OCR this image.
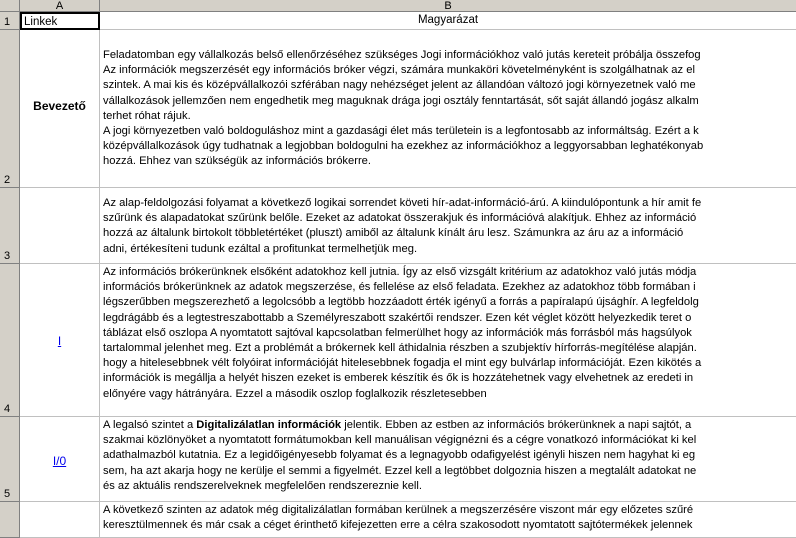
A	B
1
2
3
4
5
Linkek	Magyarázat
Bevezető
Feladatomban egy vállalkozás belső ellenőrzéséhez szükséges Jogi információkhoz való jutás kereteit próbálja összefog
Az információk megszerzését egy információs bróker végzi, számára munkaköri követelményként is szolgálhatnak az el
szintek. A mai kis és középvállalkozói szférában nagy nehézséget jelent az állandóan változó jogi környezetnek való me
vállalkozások jellemzően nem engedhetik meg maguknak drága jogi osztály fenntartását, sőt saját állandó jogász alkalm
terhet róhat rájuk.
A jogi környezetben való boldoguláshoz mint a gazdasági élet más területein is a legfontosabb az informáltság. Ezért a k
középvállalkozások úgy tudhatnak a legjobban boldogulni ha ezekhez az információkhoz a leggyorsabban leghatékonyab
hozzá. Ehhez van szükségük az információs brókerre.
Az alap-feldolgozási folyamat a következő logikai sorrendet követi hír-adat-információ-árú. A kiindulópontunk a hír amit fe
szűrünk és alapadatokat szűrünk belőle. Ezeket az adatokat összerakjuk és információvá alakítjuk. Ehhez az információ
hozzá az általunk birtokolt többletértéket (pluszt) amiből az általunk kínált áru lesz. Számunkra az áru az a információ
adni, értékesíteni tudunk ezáltal a profitunkat termelhetjük meg.
I
Az információs brókerünknek elsőként adatokhoz kell jutnia. Így az első vizsgált kritérium az adatokhoz való jutás módja
információs brókerünknek az adatok megszerzése, és fellelése az első feladata. Ezekhez az adatokhoz több formában i
légszerűbben megszerezhető a legolcsóbb a legtöbb hozzáadott érték igényű a forrás a papíralapú újsághír. A legfeldolg
legdrágább és a legtestreszabottabb a Személyreszabott szakértői rendszer. Ezen két véglet között helyezkedik teret o
táblázat első oszlopa A nyomtatott sajtóval kapcsolatban felmerülhet hogy az információk más forrásból más hagsúlyok
tartalommal jelenhet meg. Ezt a problémát a brókernek kell áthidalnia részben a szubjektív hírforrás-megítélése alapján.
hogy a hitelesebbnek vélt folyóirat információját hitelesebbnek fogadja el mint egy bulvárlap információját. Ezen kikötés a
információk is megállja a helyét hiszen ezeket is emberek készítik és ők is hozzátehetnek vagy elvehetnek az eredeti in
előnyére vagy hátrányára. Ezzel a második oszlop foglalkozik részletesebben
I/0
A legalsó szintet a Digitalizálatlan információk jelentik. Ebben az estben az információs brókerünknek a napi sajtót, a
szakmai közlönyöket a nyomtatott formátumokban kell manuálisan végignézni és a cégre vonatkozó információkat ki kel
adathalmazból kutatnia. Ez a legidőigényesebb folyamat és a legnagyobb odafigyelést igényli hiszen nem hagyhat ki eg
sem, ha azt akarja hogy ne kerülje el semmi a figyelmét. Ezzel kell a legtöbbet dolgoznia hiszen a megtalált adatokat ne
és az aktuális rendszerelveknek megfelelően rendszereznie kell.
A következő szinten az adatok még digitalizálatlan formában kerülnek a megszerzésére viszont már egy előzetes szűré
keresztülmennek és már csak a céget érinthető kifejezetten erre a célra szakosodott nyomtatott sajtótermékek jelennek
